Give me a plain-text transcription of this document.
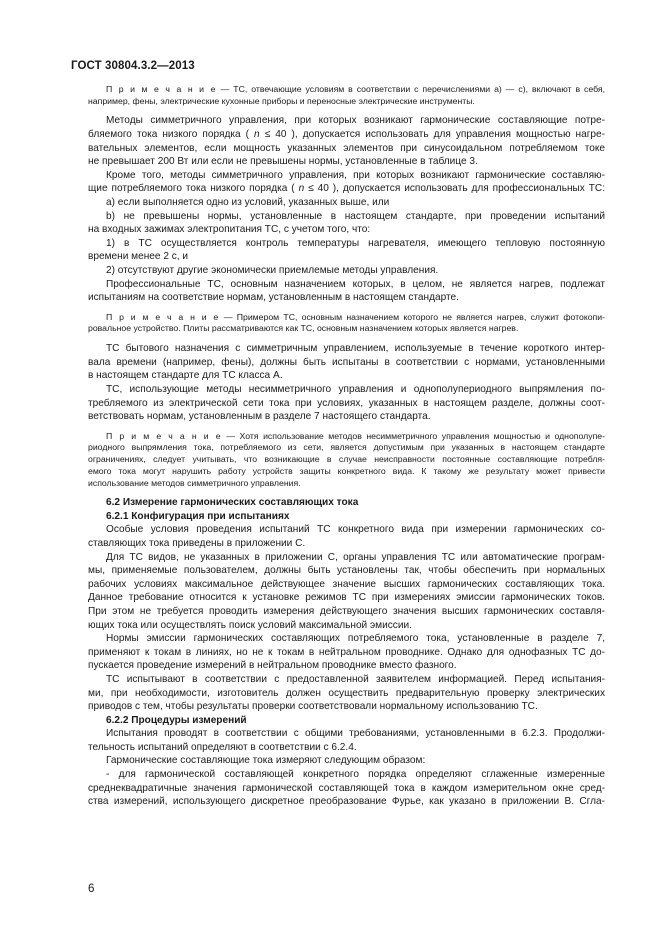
ГОСТ 30804.3.2—2013
П р и м е ч а н и е — ТС, отвечающие условиям в соответствии с перечислениями а) — с), включают в себя,
например, фены, электрические кухонные приборы и переносные электрические инструменты.
Методы симметричного управления, при которых возникают гармонические составляющие потре-
бляемого тока низкого порядка ( n ≤ 40 ), допускается использовать для управления мощностью нагре-
вательных элементов, если мощность указанных элементов при синусоидальном потребляемом токе
не превышает 200 Вт или если не превышены нормы, установленные в таблице 3.
Кроме того, методы симметричного управления, при которых возникают гармонические составляю-
щие потребляемого тока низкого порядка ( n ≤ 40 ), допускается использовать для профессиональных ТС:
a) если выполняется одно из условий, указанных выше, или
b) не превышены нормы, установленные в настоящем стандарте, при проведении испытаний
на входных зажимах электропитания ТС, с учетом того, что:
1) в ТС осуществляется контроль температуры нагревателя, имеющего тепловую постоянную
времени менее 2 с, и
2) отсутствуют другие экономически приемлемые методы управления.
Профессиональные ТС, основным назначением которых, в целом, не является нагрев, подлежат
испытаниям на соответствие нормам, установленным в настоящем стандарте.
П р и м е ч а н и е — Примером ТС, основным назначением которого не является нагрев, служит фотокопи-
ровальное устройство. Плиты рассматриваются как ТС, основным назначением которых является нагрев.
ТС бытового назначения с симметричным управлением, используемые в течение короткого интер-
вала времени (например, фены), должны быть испытаны в соответствии с нормами, установленными
в настоящем стандарте для ТС класса А.
ТС, использующие методы несимметричного управления и однополупериодного выпрямления по-
требляемого из электрической сети тока при условиях, указанных в настоящем разделе, должны соот-
ветствовать нормам, установленным в разделе 7 настоящего стандарта.
П р и м е ч а н и е — Хотя использование методов несимметричного управления мощностью и однополупе-
риодного выпрямления тока, потребляемого из сети, является допустимым при указанных в настоящем стандарте
ограничениях, следует учитывать, что возникающие в случае неисправности постоянные составляющие потребля-
емого тока могут нарушить работу устройств защиты конкретного вида. К такому же результату может привести
использование методов симметричного управления.
6.2 Измерение гармонических составляющих тока
6.2.1 Конфигурация при испытаниях
Особые условия проведения испытаний ТС конкретного вида при измерении гармонических со-
ставляющих тока приведены в приложении С.
Для ТС видов, не указанных в приложении С, органы управления ТС или автоматические програм-
мы, применяемые пользователем, должны быть установлены так, чтобы обеспечить при нормальных
рабочих условиях максимальное действующее значение высших гармонических составляющих тока.
Данное требование относится к установке режимов ТС при измерениях эмиссии гармонических токов.
При этом не требуется проводить измерения действующего значения высших гармонических составля-
ющих тока или осуществлять поиск условий максимальной эмиссии.
Нормы эмиссии гармонических составляющих потребляемого тока, установленные в разделе 7,
применяют к токам в линиях, но не к токам в нейтральном проводнике. Однако для однофазных ТС до-
пускается проведение измерений в нейтральном проводнике вместо фазного.
ТС испытывают в соответствии с предоставленной заявителем информацией. Перед испытания-
ми, при необходимости, изготовитель должен осуществить предварительную проверку электрических
приводов с тем, чтобы результаты проверки соответствовали нормальному использованию ТС.
6.2.2 Процедуры измерений
Испытания проводят в соответствии с общими требованиями, установленными в 6.2.3. Продолжи-
тельность испытаний определяют в соответствии с 6.2.4.
Гармонические составляющие тока измеряют следующим образом:
- для гармонической составляющей конкретного порядка определяют сглаженные измеренные
среднеквадратичные значения гармонической составляющей тока в каждом измерительном окне сред-
ства измерений, использующего дискретное преобразование Фурье, как указано в приложении В. Сгла-
6
